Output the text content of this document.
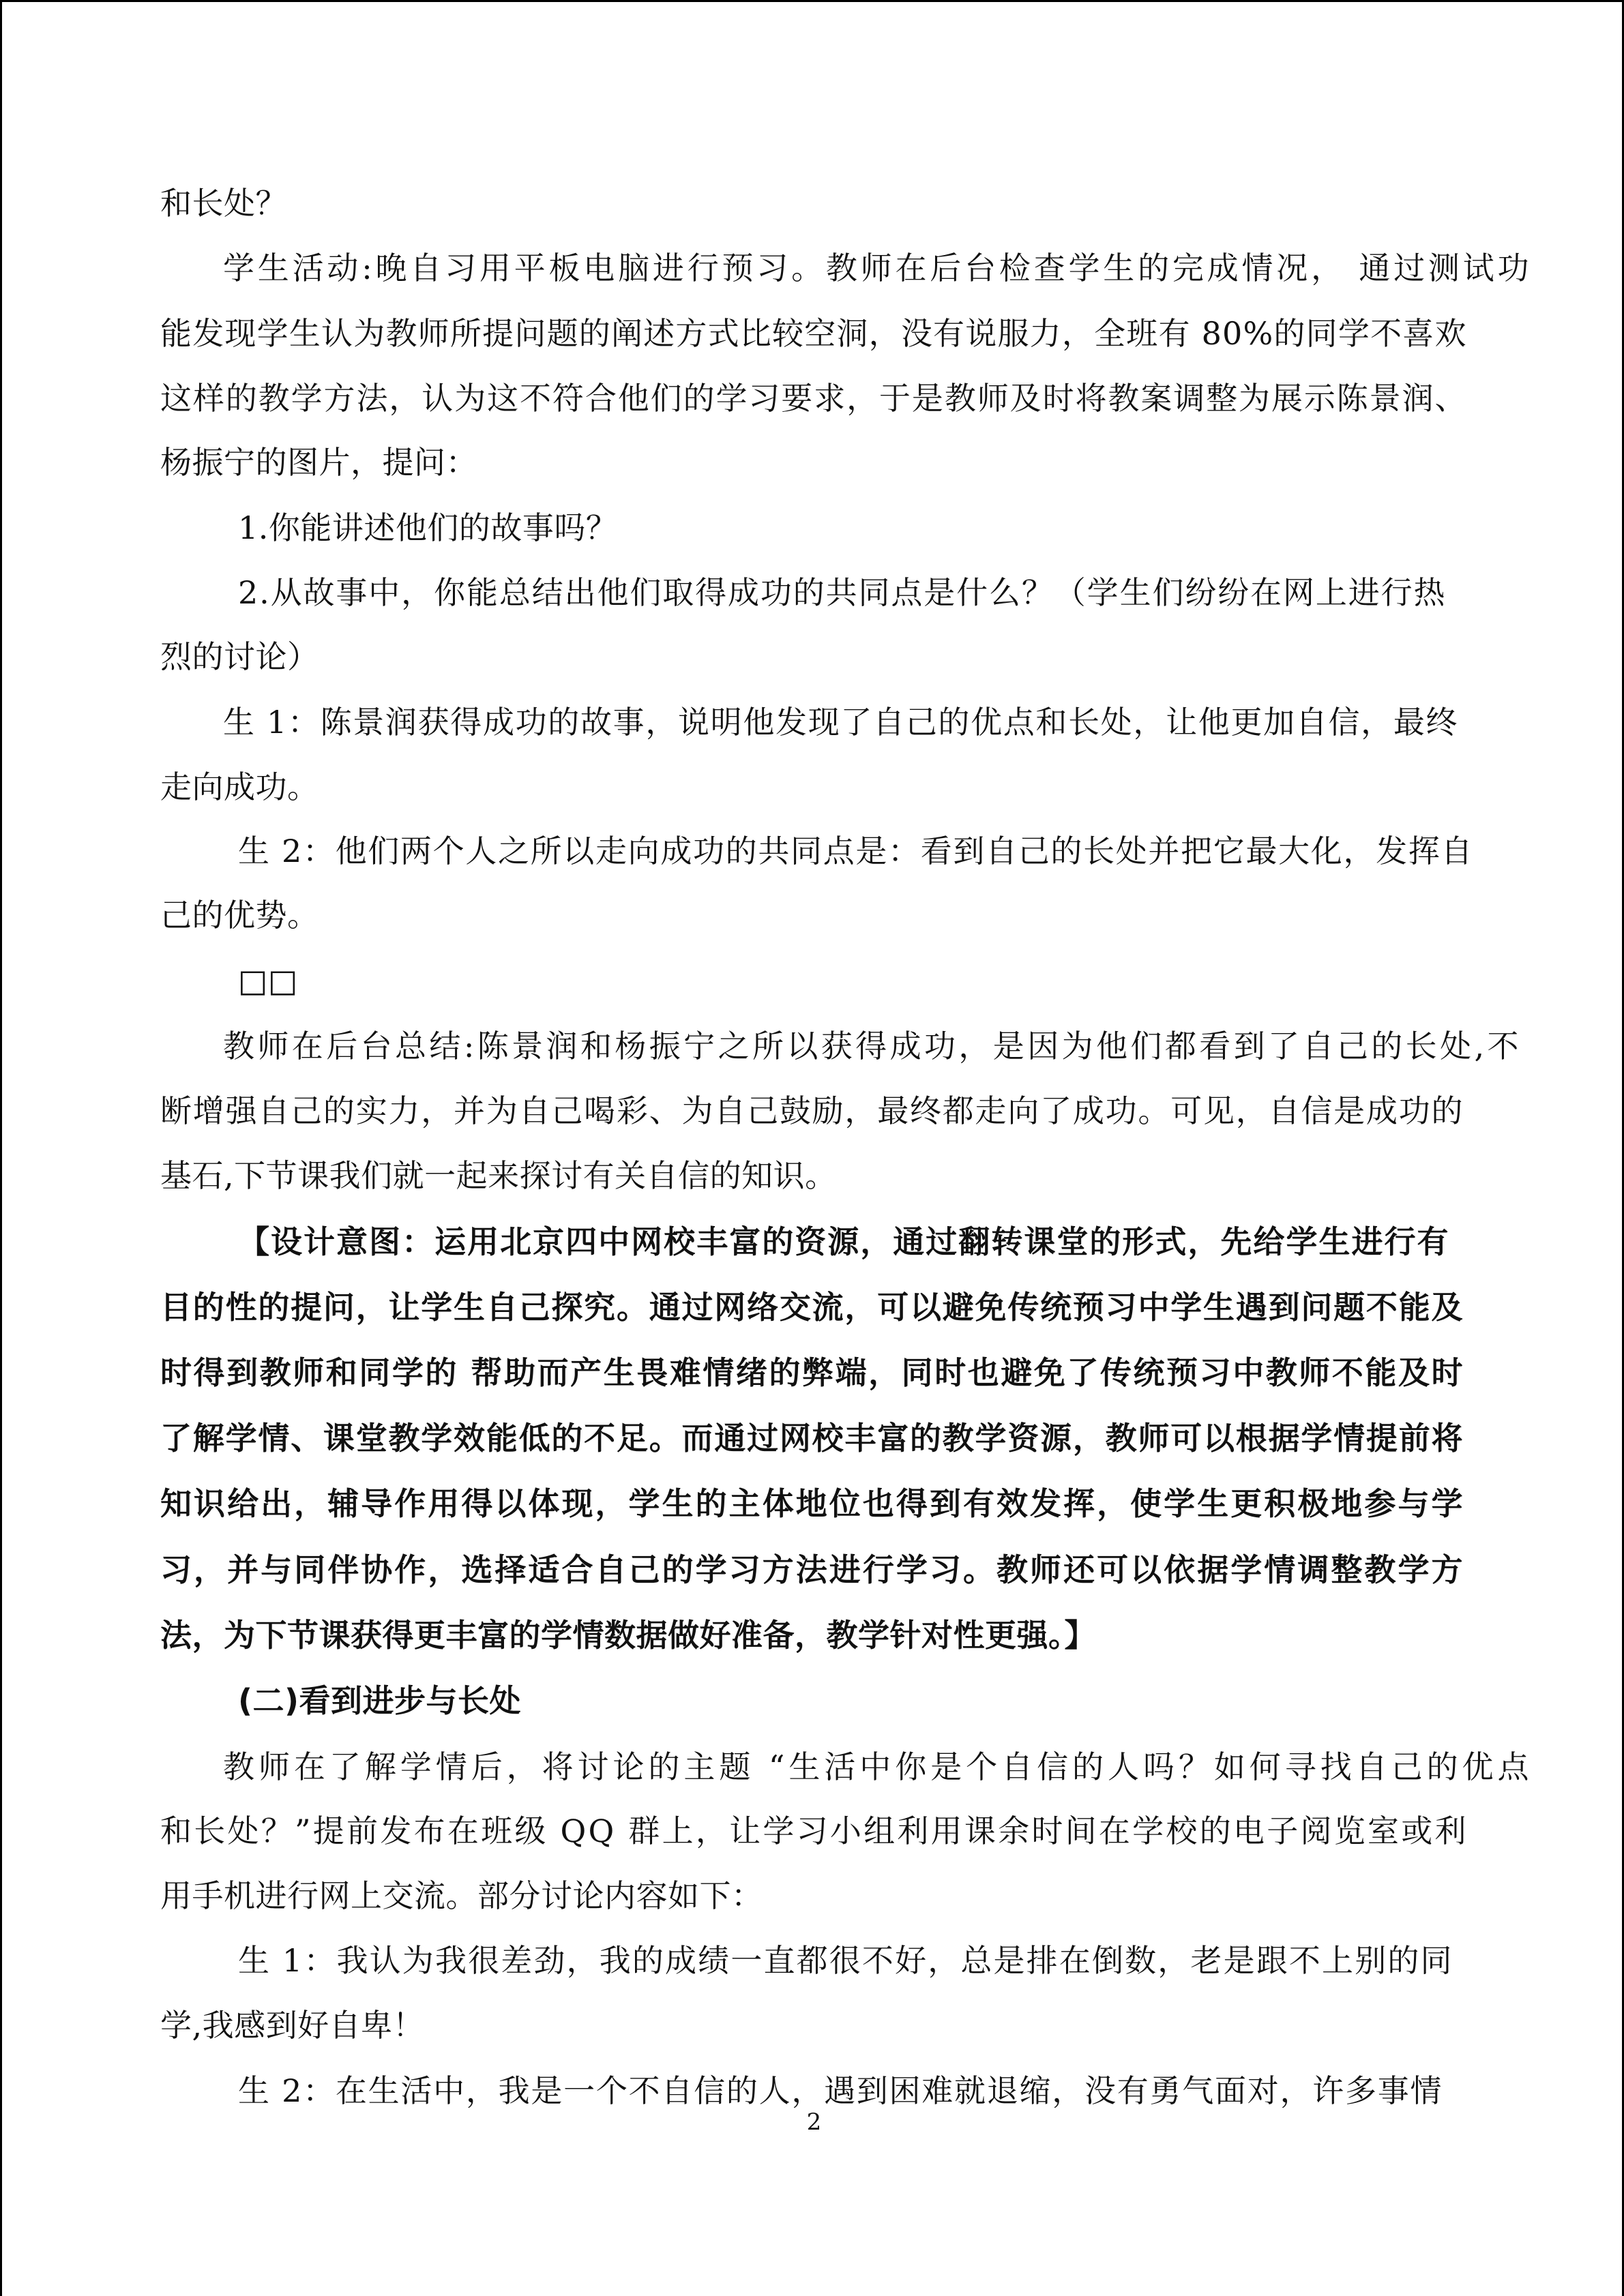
和长处？
学生活动:晚自习用平板电脑进行预习。教师在后台检查学生的完成情况， 通过测试功
能发现学生认为教师所提问题的阐述方式比较空洞，没有说服力，全班有 80%的同学不喜欢
这样的教学方法，认为这不符合他们的学习要求，于是教师及时将教案调整为展示陈景润、
杨振宁的图片，提问：
1.你能讲述他们的故事吗？
2.从故事中，你能总结出他们取得成功的共同点是什么？（学生们纷纷在网上进行热
烈的讨论）
生 1：陈景润获得成功的故事，说明他发现了自己的优点和长处，让他更加自信，最终
走向成功。
生 2：他们两个人之所以走向成功的共同点是：看到自己的长处并把它最大化，发挥自
己的优势。
□□
教师在后台总结:陈景润和杨振宁之所以获得成功，是因为他们都看到了自己的长处,不
断增强自己的实力，并为自己喝彩、为自己鼓励，最终都走向了成功。可见，自信是成功的
基石,下节课我们就一起来探讨有关自信的知识。
【设计意图：运用北京四中网校丰富的资源，通过翻转课堂的形式，先给学生进行有
目的性的提问，让学生自己探究。通过网络交流，可以避免传统预习中学生遇到问题不能及
时得到教师和同学的 帮助而产生畏难情绪的弊端，同时也避免了传统预习中教师不能及时
了解学情、课堂教学效能低的不足。而通过网校丰富的教学资源，教师可以根据学情提前将
知识给出，辅导作用得以体现，学生的主体地位也得到有效发挥，使学生更积极地参与学
习，并与同伴协作，选择适合自己的学习方法进行学习。教师还可以依据学情调整教学方
法，为下节课获得更丰富的学情数据做好准备，教学针对性更强。】
(二)看到进步与长处
教师在了解学情后，将讨论的主题 “生活中你是个自信的人吗？如何寻找自己的优点
和长处？”提前发布在班级 QQ 群上，让学习小组利用课余时间在学校的电子阅览室或利
用手机进行网上交流。部分讨论内容如下：
生 1：我认为我很差劲，我的成绩一直都很不好，总是排在倒数，老是跟不上别的同
学,我感到好自卑！
生 2：在生活中，我是一个不自信的人，遇到困难就退缩，没有勇气面对，许多事情
2
